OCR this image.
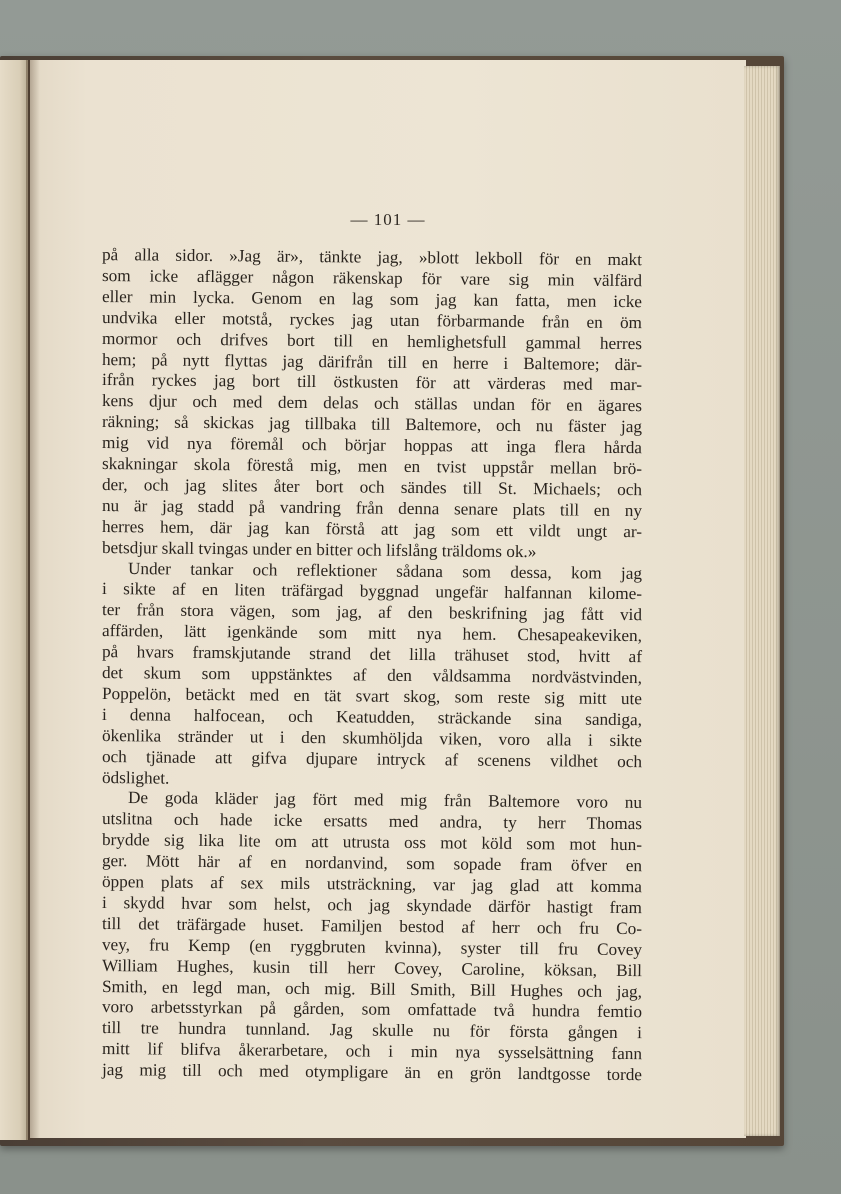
— 101 —
på alla sidor. »Jag är», tänkte jag, »blott lekboll för en makt
som icke aflägger någon räkenskap för vare sig min välfärd
eller min lycka. Genom en lag som jag kan fatta, men icke
undvika eller motstå, ryckes jag utan förbarmande från en öm
mormor och drifves bort till en hemlighetsfull gammal herres
hem; på nytt flyttas jag därifrån till en herre i Baltemore; där-
ifrån ryckes jag bort till östkusten för att värderas med mar-
kens djur och med dem delas och ställas undan för en ägares
räkning; så skickas jag tillbaka till Baltemore, och nu fäster jag
mig vid nya föremål och börjar hoppas att inga flera hårda
skakningar skola förestå mig, men en tvist uppstår mellan brö-
der, och jag slites åter bort och sändes till St. Michaels; och
nu är jag stadd på vandring från denna senare plats till en ny
herres hem, där jag kan förstå att jag som ett vildt ungt ar-
betsdjur skall tvingas under en bitter och lifslång träldoms ok.»
Under tankar och reflektioner sådana som dessa, kom jag
i sikte af en liten träfärgad byggnad ungefär halfannan kilome-
ter från stora vägen, som jag, af den beskrifning jag fått vid
affärden, lätt igenkände som mitt nya hem. Chesapeakeviken,
på hvars framskjutande strand det lilla trähuset stod, hvitt af
det skum som uppstänktes af den våldsamma nordvästvinden,
Poppelön, betäckt med en tät svart skog, som reste sig mitt ute
i denna halfocean, och Keatudden, sträckande sina sandiga,
ökenlika stränder ut i den skumhöljda viken, voro alla i sikte
och tjänade att gifva djupare intryck af scenens vildhet och
ödslighet.
De goda kläder jag fört med mig från Baltemore voro nu
utslitna och hade icke ersatts med andra, ty herr Thomas
brydde sig lika lite om att utrusta oss mot köld som mot hun-
ger. Mött här af en nordanvind, som sopade fram öfver en
öppen plats af sex mils utsträckning, var jag glad att komma
i skydd hvar som helst, och jag skyndade därför hastigt fram
till det träfärgade huset. Familjen bestod af herr och fru Co-
vey, fru Kemp (en ryggbruten kvinna), syster till fru Covey
William Hughes, kusin till herr Covey, Caroline, köksan, Bill
Smith, en legd man, och mig. Bill Smith, Bill Hughes och jag,
voro arbetsstyrkan på gården, som omfattade två hundra femtio
till tre hundra tunnland. Jag skulle nu för första gången i
mitt lif blifva åkerarbetare, och i min nya sysselsättning fann
jag mig till och med otympligare än en grön landtgosse torde
